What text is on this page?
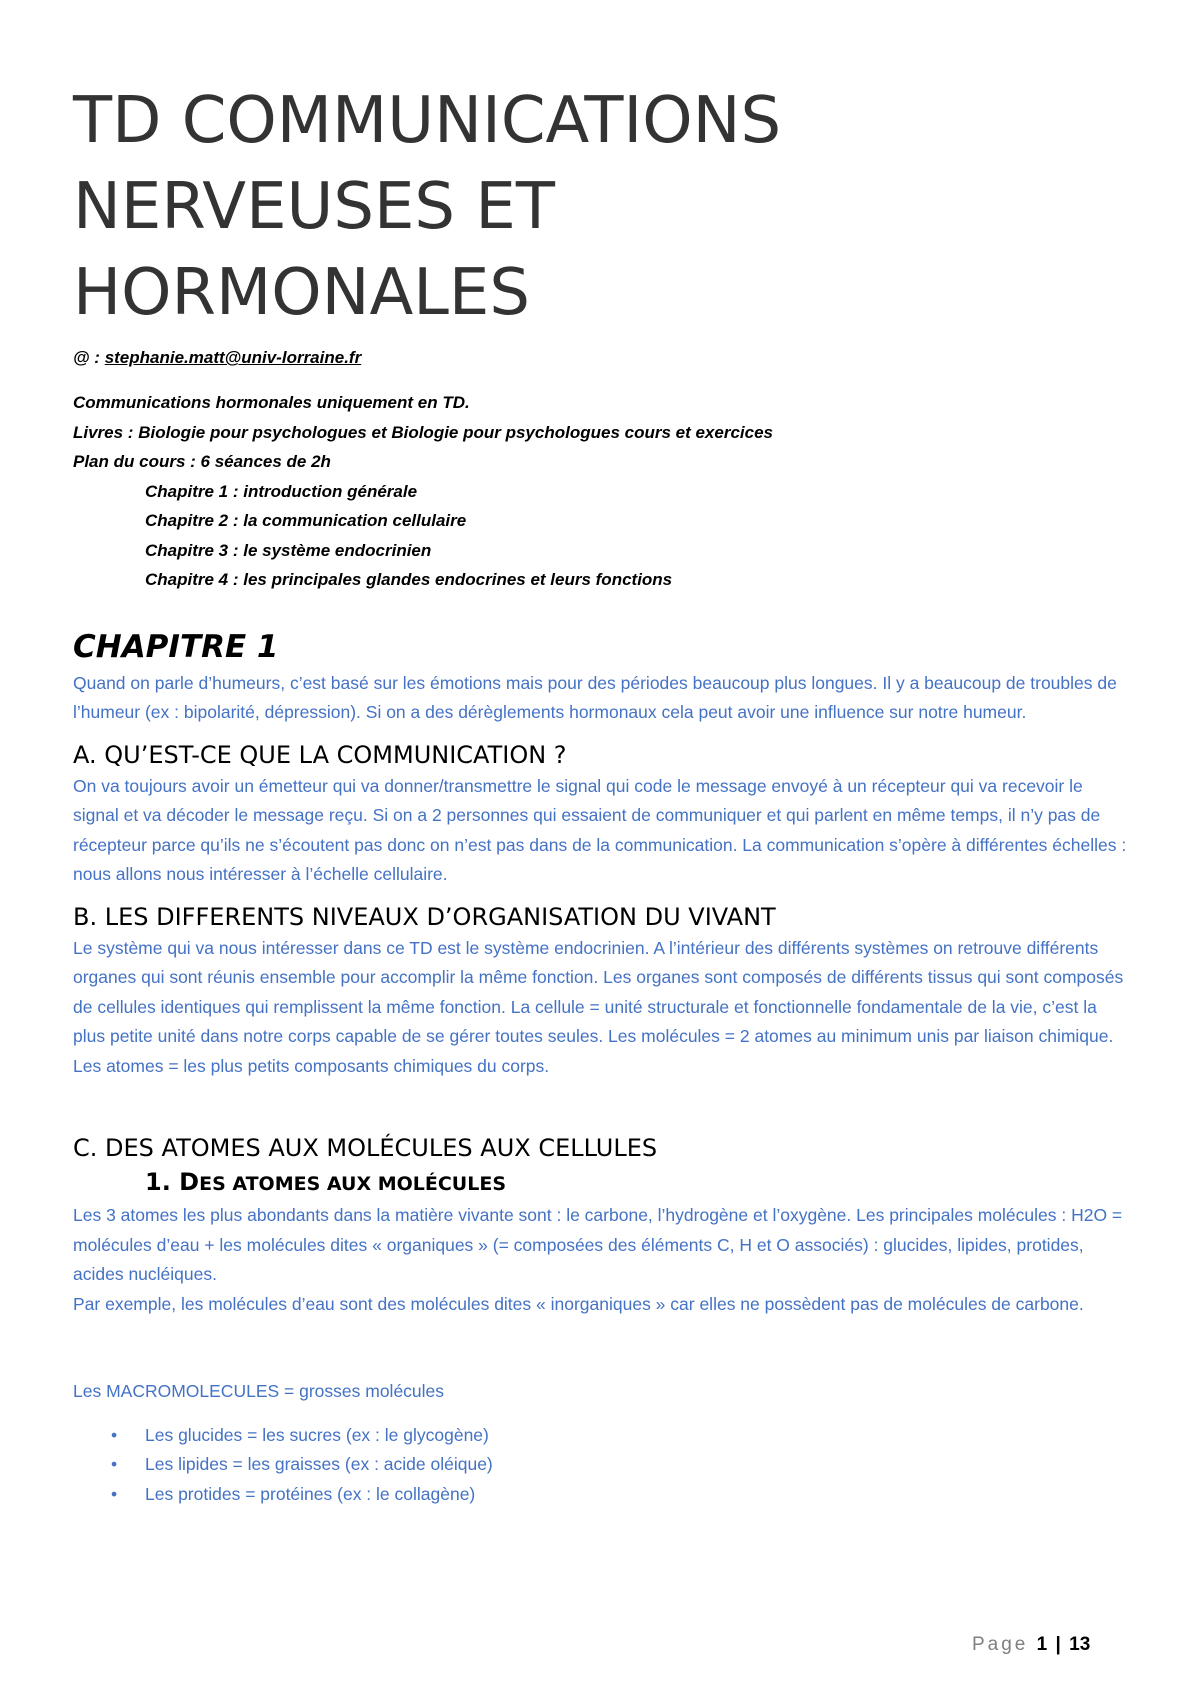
TD COMMUNICATIONS
NERVEUSES ET
HORMONALES
@ : stephanie.matt@univ-lorraine.fr
Communications hormonales uniquement en TD.
Livres : Biologie pour psychologues et Biologie pour psychologues cours et exercices
Plan du cours : 6 séances de 2h
Chapitre 1 : introduction générale
Chapitre 2 : la communication cellulaire
Chapitre 3 : le système endocrinien
Chapitre 4 : les principales glandes endocrines et leurs fonctions
CHAPITRE 1

Quand on parle d’humeurs, c’est basé sur les émotions mais pour des périodes beaucoup plus longues. Il y a beaucoup de troubles de l’humeur (ex : bipolarité, dépression). Si on a des dérèglements hormonaux cela peut avoir une influence sur notre humeur.

A. QU’EST-CE QUE LA COMMUNICATION ?

On va toujours avoir un émetteur qui va donner/transmettre le signal qui code le message envoyé à un récepteur qui va recevoir le signal et va décoder le message reçu. Si on a 2 personnes qui essaient de communiquer et qui parlent en même temps, il n’y pas de récepteur parce qu’ils ne s’écoutent pas donc on n’est pas dans de la communication. La communication s’opère à différentes échelles : nous allons nous intéresser à l’échelle cellulaire.

B. LES DIFFERENTS NIVEAUX D’ORGANISATION DU VIVANT

Le système qui va nous intéresser dans ce TD est le système endocrinien. A l’intérieur des différents systèmes on retrouve différents organes qui sont réunis ensemble pour accomplir la même fonction. Les organes sont composés de différents tissus qui sont composés de cellules identiques qui remplissent la même fonction. La cellule = unité structurale et fonctionnelle fondamentale de la vie, c’est la plus petite unité dans notre corps capable de se gérer toutes seules. Les molécules = 2 atomes au minimum unis par liaison chimique. Les atomes = les plus petits composants chimiques du corps.

C. DES ATOMES AUX MOLÉCULES AUX CELLULES
1. DES ATOMES AUX MOLÉCULES

Les 3 atomes les plus abondants dans la matière vivante sont : le carbone, l’hydrogène et l’oxygène. Les principales molécules : H2O = molécules d’eau + les molécules dites « organiques » (= composées des éléments C, H et O associés) : glucides, lipides, protides, acides nucléiques.

Par exemple, les molécules d’eau sont des molécules dites « inorganiques » car elles ne possèdent pas de molécules de carbone.

Les MACROMOLECULES = grosses molécules

• Les glucides = les sucres (ex : le glycogène)
• Les lipides = les graisses (ex : acide oléique)
• Les protides = protéines (ex : le collagène)
Page 1 | 13
